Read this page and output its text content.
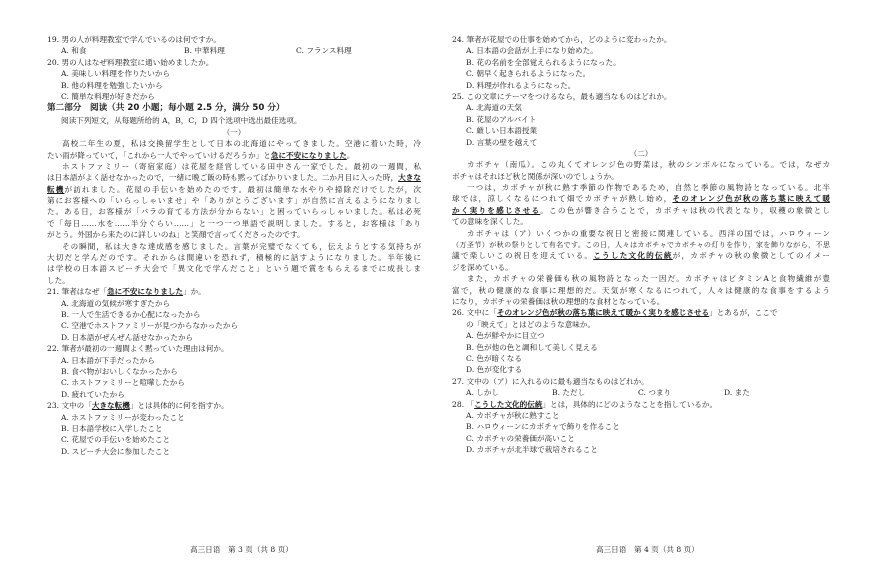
19. 男の人が料理教室で学んでいるのは何ですか。
A. 和食	B. 中華料理	C. フランス料理
20. 男の人はなぜ料理教室に通い始めましたか。
A. 美味しい料理を作りたいから
B. 他の料理を勉強したいから
C. 簡単な料理が好きだから
第二部分　阅读（共 20 小题；每小题 2.5 分，满分 50 分）
阅读下列短文，从每题所给的 A，B，C，D 四个选项中选出最佳选项。
（一）
高校二年生の夏，私は交換留学生として日本の北海道にやってきました。空港に着いた時，冷
たい雨が降っていて，「これから一人でやっていけるだろうか」と急に不安になりました。
ホストファミリー（寄宿家庭）は花屋を経営している田中さん一家でした。最初の一週間，私
は日本語がよく話せなかったので，一緒に晩ご飯の時も黙ってばかりいました。二か月目に入った時，大きな
転機が訪れました。花屋の手伝いを始めたのです。最初は簡単な水やりや掃除だけでしたが，次
第にお客様への「いらっしゃいませ」や「ありがとうございます」が自然に言えるようになりまし
た。ある日，お客様が「バラの育てる方法が分からない」と困っていらっしゃいました。私は必死
で「毎日……水を……半分ぐらい……」と一つ一つ単語で説明しました。すると，お客様は「あり
がとう。外国から来たのに詳しいのね」と笑顔で言ってくださったのです。
その瞬間，私は大きな達成感を感じました。言葉が完璧でなくても，伝えようとする気持ちが
大切だと学んだのです。それからは間違いを恐れず，積極的に話すようになりました。半年後に
は学校の日本語スピーチ大会で「異文化で学んだこと」という題で賞をもらえるまでに成長しま
した。
21. 筆者はなぜ「急に不安になりました」か。
A. 北海道の気候が寒すぎたから
B. 一人で生活できるか心配になったから
C. 空港でホストファミリーが見つからなかったから
D. 日本語がぜんぜん話せなかったから
22. 筆者が最初の一週間よく黙っていた理由は何か。
A. 日本語が下手だったから
B. 食べ物がおいしくなかったから
C. ホストファミリーと喧嘩したから
D. 疲れていたから
23. 文中の「大きな転機」とは具体的に何を指すか。
A. ホストファミリーが変わったこと
B. 日本語学校に入学したこと
C. 花屋での手伝いを始めたこと
D. スピーチ大会に参加したこと
高三日语　第 3 页（共 8 页）
24. 筆者が花屋での仕事を始めてから，どのように変わったか。
A. 日本語の会話が上手になり始めた。
B. 花の名前を全部覚えられるようになった。
C. 朝早く起きられるようになった。
D. 料理が作れるようになった。
25. この文章にテーマをつけるなら，最も適当なものはどれか。
A. 北海道の天気
B. 花屋のアルバイト
C. 厳しい日本語授業
D. 言葉の壁を越えて
（二）
カボチャ（南瓜）。この丸くてオレンジ色の野菜は，秋のシンボルになっている。では，なぜカ
ボチャはそれほど秋と関係が深いのでしょうか。
一つは，カボチャが秋に熟す季節の作物であるため，自然と季節の風物詩となっている。北半
球では，涼しくなるにつれて畑でカボチャが熟し始め，そのオレンジ色が秋の落ち葉に映えて暖
かく実りを感じさせる。この色が響き合うことで，カボチャは秋の代表となり，収穫の象徴とし
ての意味を深くした。
カボチャは（ア）いくつかの重要な祝日と密接に関連している。西洋の国では，ハロウィーン
（万圣节）が秋の祭りとして有名です。この日，人々はカボチャでカボチャの灯りを作り，家を飾りながら，不思
議で楽しいこの祝日を迎えている。こうした文化的伝統が，カボチャの秋の象徴としてのイメー
ジを深めている。
また，カボチャの栄養価も秋の風物詩となった一因だ。カボチャはビタミンAと食物繊維が豊
富で，秋の健康的な食事に理想的だ。天気が寒くなるにつれて，人々は健康的な食事をするよう
になり，カボチャの栄養価は秋の理想的な食材となっている。
26. 文中に「そのオレンジ色が秋の落ち葉に映えて暖かく実りを感じさせる」とあるが，ここで
の「映えて」とはどのような意味か。
A. 色が鮮やかに目立つ
B. 色が他の色と調和して美しく見える
C. 色が暗くなる
D. 色が変化する
27. 文中の（ア）に入れるのに最も適当なものはどれか。
A. しかし	B. ただし	C. つまり	D. また
28. 「こうした文化的伝統」とは，具体的にどのようなことを指しているか。
A. カボチャが秋に熟すこと
B. ハロウィーンにカボチャで飾りを作ること
C. カボチャの栄養価が高いこと
D. カボチャが北半球で栽培されること
高三日语　第 4 页（共 8 页）
